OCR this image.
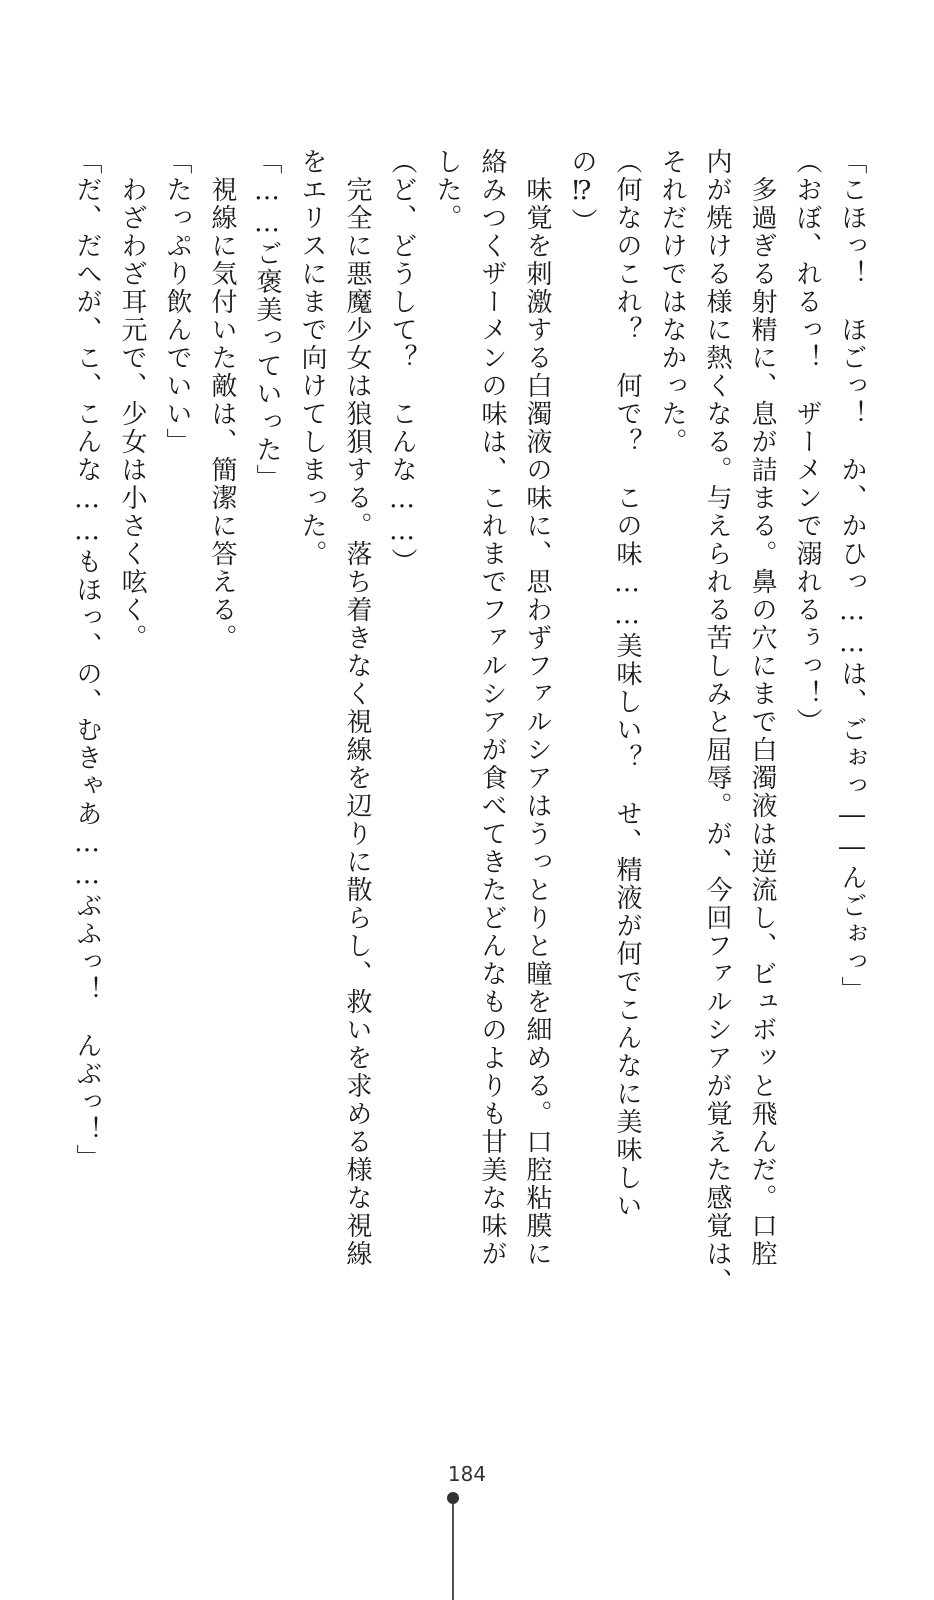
「こほっ！　ほごっ！　か、かひっ……は、ごぉっ――んごぉっ」
（おぼ、れるっ！　ザーメンで溺れるぅっ！）
　多過ぎる射精に、息が詰まる。鼻の穴にまで白濁液は逆流し、ビュボッと飛んだ。口腔
内が焼ける様に熱くなる。与えられる苦しみと屈辱。が、今回ファルシアが覚えた感覚は、
それだけではなかった。
（何なのこれ？　何で？　この味……美味しい？　せ、精液が何でこんなに美味しい
の⁉）
　味覚を刺激する白濁液の味に、思わずファルシアはうっとりと瞳を細める。口腔粘膜に
絡みつくザーメンの味は、これまでファルシアが食べてきたどんなものよりも甘美な味が
した。
（ど、どうして？　こんな……）
　完全に悪魔少女は狼狽する。落ち着きなく視線を辺りに散らし、救いを求める様な視線
をエリスにまで向けてしまった。
「……ご褒美っていった」
　視線に気付いた敵は、簡潔に答える。
「たっぷり飲んでいい」
　わざわざ耳元で、少女は小さく呟く。
「だ、だへが、こ、こんな……もほっ、の、むきゃあ……ぶふっ！　んぶっ！」
184
